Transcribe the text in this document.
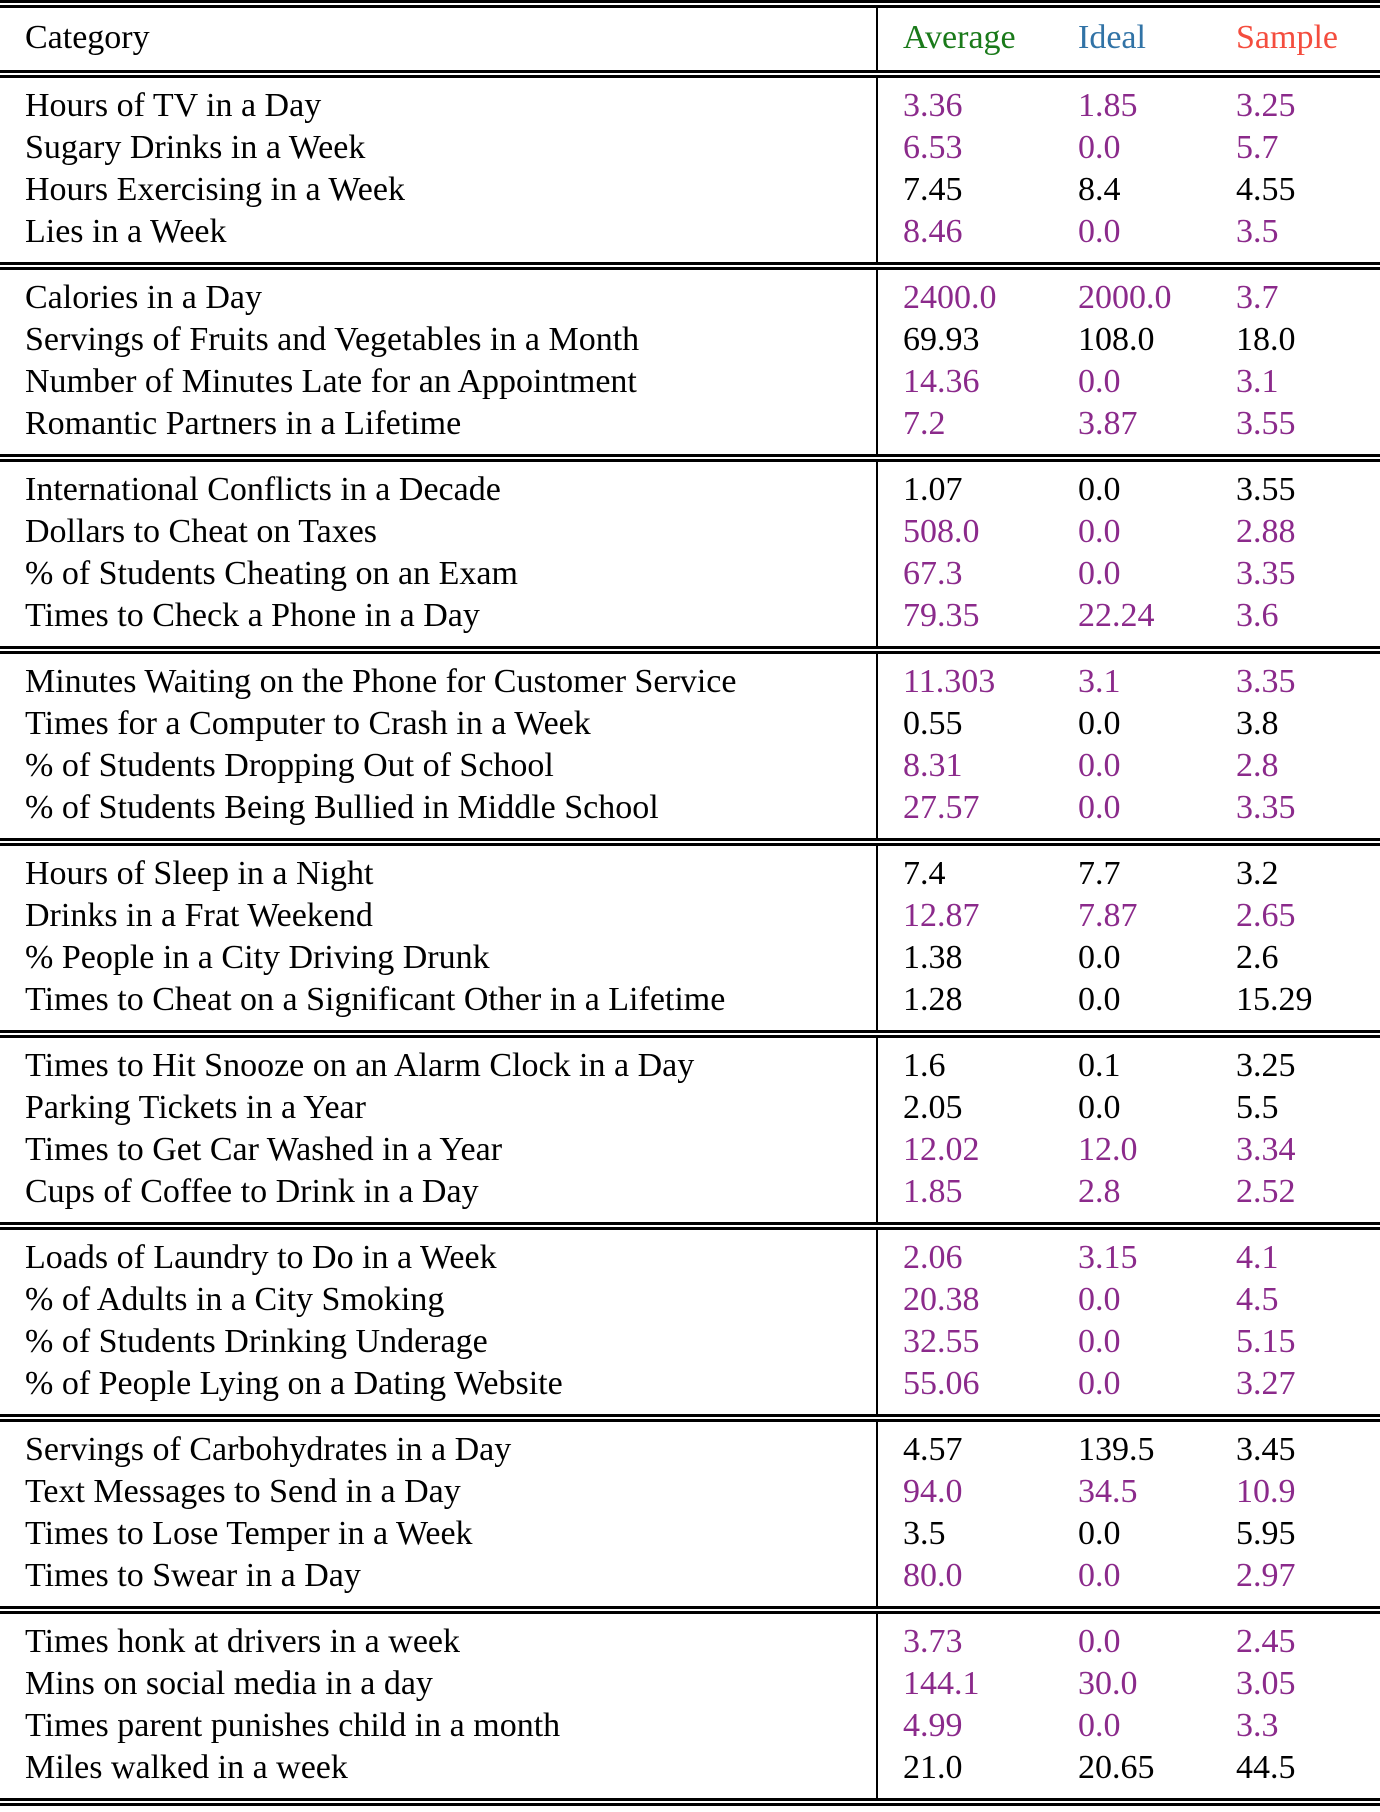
Category	Average	Ideal	Sample
Hours of TV in a Day	3.36	1.85	3.25
Sugary Drinks in a Week	6.53	0.0	5.7
Hours Exercising in a Week	7.45	8.4	4.55
Lies in a Week	8.46	0.0	3.5
Calories in a Day	2400.0	2000.0	3.7
Servings of Fruits and Vegetables in a Month	69.93	108.0	18.0
Number of Minutes Late for an Appointment	14.36	0.0	3.1
Romantic Partners in a Lifetime	7.2	3.87	3.55
International Conflicts in a Decade	1.07	0.0	3.55
Dollars to Cheat on Taxes	508.0	0.0	2.88
% of Students Cheating on an Exam	67.3	0.0	3.35
Times to Check a Phone in a Day	79.35	22.24	3.6
Minutes Waiting on the Phone for Customer Service	11.303	3.1	3.35
Times for a Computer to Crash in a Week	0.55	0.0	3.8
% of Students Dropping Out of School	8.31	0.0	2.8
% of Students Being Bullied in Middle School	27.57	0.0	3.35
Hours of Sleep in a Night	7.4	7.7	3.2
Drinks in a Frat Weekend	12.87	7.87	2.65
% People in a City Driving Drunk	1.38	0.0	2.6
Times to Cheat on a Significant Other in a Lifetime	1.28	0.0	15.29
Times to Hit Snooze on an Alarm Clock in a Day	1.6	0.1	3.25
Parking Tickets in a Year	2.05	0.0	5.5
Times to Get Car Washed in a Year	12.02	12.0	3.34
Cups of Coffee to Drink in a Day	1.85	2.8	2.52
Loads of Laundry to Do in a Week	2.06	3.15	4.1
% of Adults in a City Smoking	20.38	0.0	4.5
% of Students Drinking Underage	32.55	0.0	5.15
% of People Lying on a Dating Website	55.06	0.0	3.27
Servings of Carbohydrates in a Day	4.57	139.5	3.45
Text Messages to Send in a Day	94.0	34.5	10.9
Times to Lose Temper in a Week	3.5	0.0	5.95
Times to Swear in a Day	80.0	0.0	2.97
Times honk at drivers in a week	3.73	0.0	2.45
Mins on social media in a day	144.1	30.0	3.05
Times parent punishes child in a month	4.99	0.0	3.3
Miles walked in a week	21.0	20.65	44.5
